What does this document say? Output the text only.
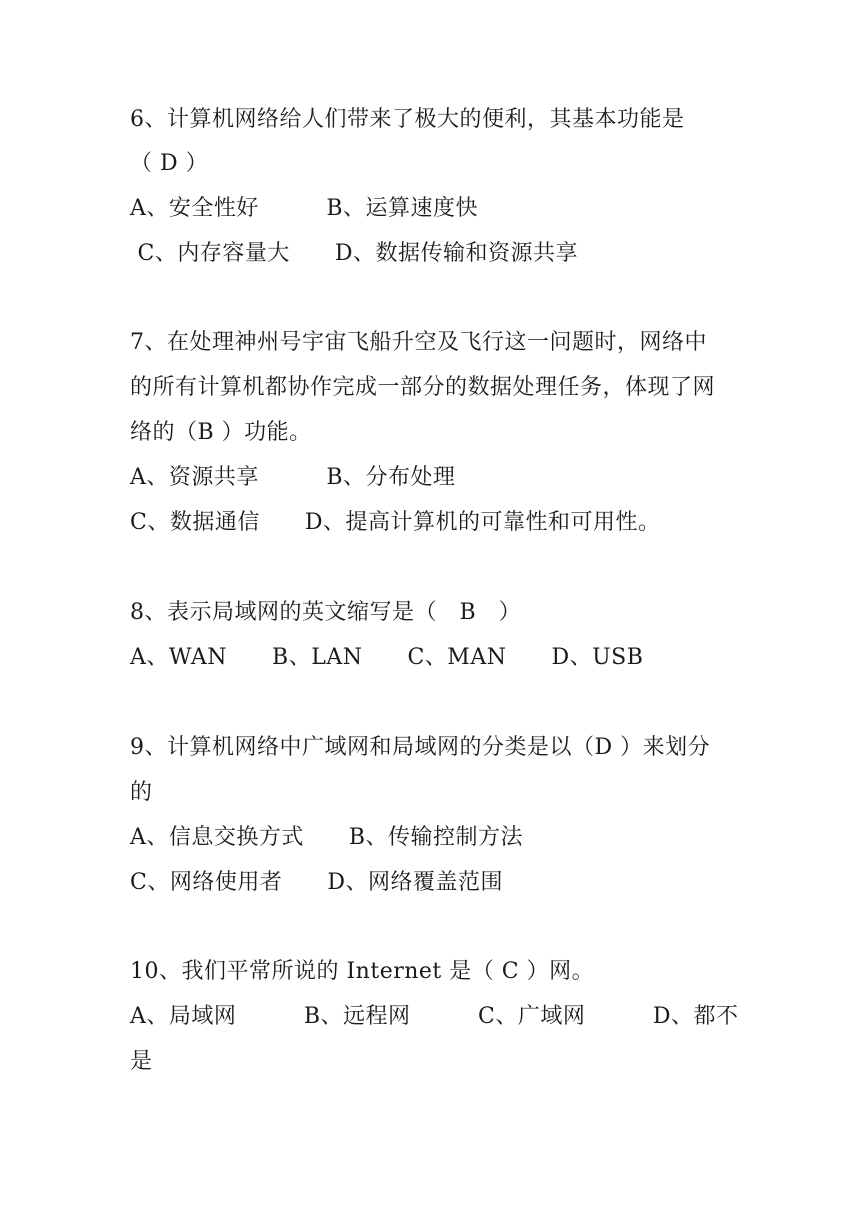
6、计算机网络给人们带来了极大的便利，其基本功能是
（ D ）
A、安全性好　　　B、运算速度快
C、内存容量大　　D、数据传输和资源共享
7、在处理神州号宇宙飞船升空及飞行这一问题时，网络中
的所有计算机都协作完成一部分的数据处理任务，体现了网
络的（B ）功能。
A、资源共享　　　B、分布处理
C、数据通信　　D、提高计算机的可靠性和可用性。
8、表示局域网的英文缩写是（　B　）
A、WAN　　B、LAN　　C、MAN　　D、USB
9、计算机网络中广域网和局域网的分类是以（D ）来划分
的
A、信息交换方式　　B、传输控制方法
C、网络使用者　　D、网络覆盖范围
10、我们平常所说的 Internet 是（ C ）网。
A、局域网　　　B、远程网　　　C、广域网　　　D、都不
是
